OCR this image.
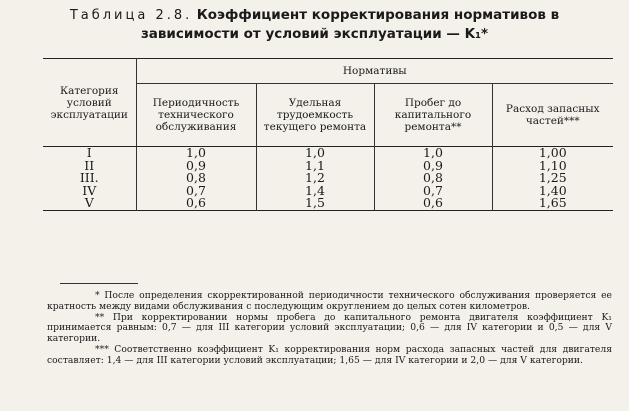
Таблица 2.8. Коэффициент корректирования нормативов в
зависимости от условий эксплуатации — K₁*
Категория условий эксплуатации	Нормативы			
	Периодичность технического обслуживания	Удельная трудоемкость текущего ремонта	Пробег до капитального ремонта**	Расход запасных частей***
I	1,0	1,0	1,0	1,00
II	0,9	1,1	0,9	1,10
III.	0,8	1,2	0,8	1,25
IV	0,7	1,4	0,7	1,40
V	0,6	1,5	0,6	1,65

* После определения скорректированной периодичности технического обслуживания проверяется ее кратность между видами обслуживания с последующим округлением до целых сотен километров.

** При корректировании нормы пробега до капитального ремонта двигателя коэффициент K₁ принимается равным: 0,7 — для III категории условий эксплуатации; 0,6 — для IV категории и 0,5 — для V категории.

*** Соответственно коэффициент K₁ корректирования норм расхода запасных частей для двигателя составляет: 1,4 — для III категории условий эксплуатации; 1,65 — для IV категории и 2,0 — для V категории.
